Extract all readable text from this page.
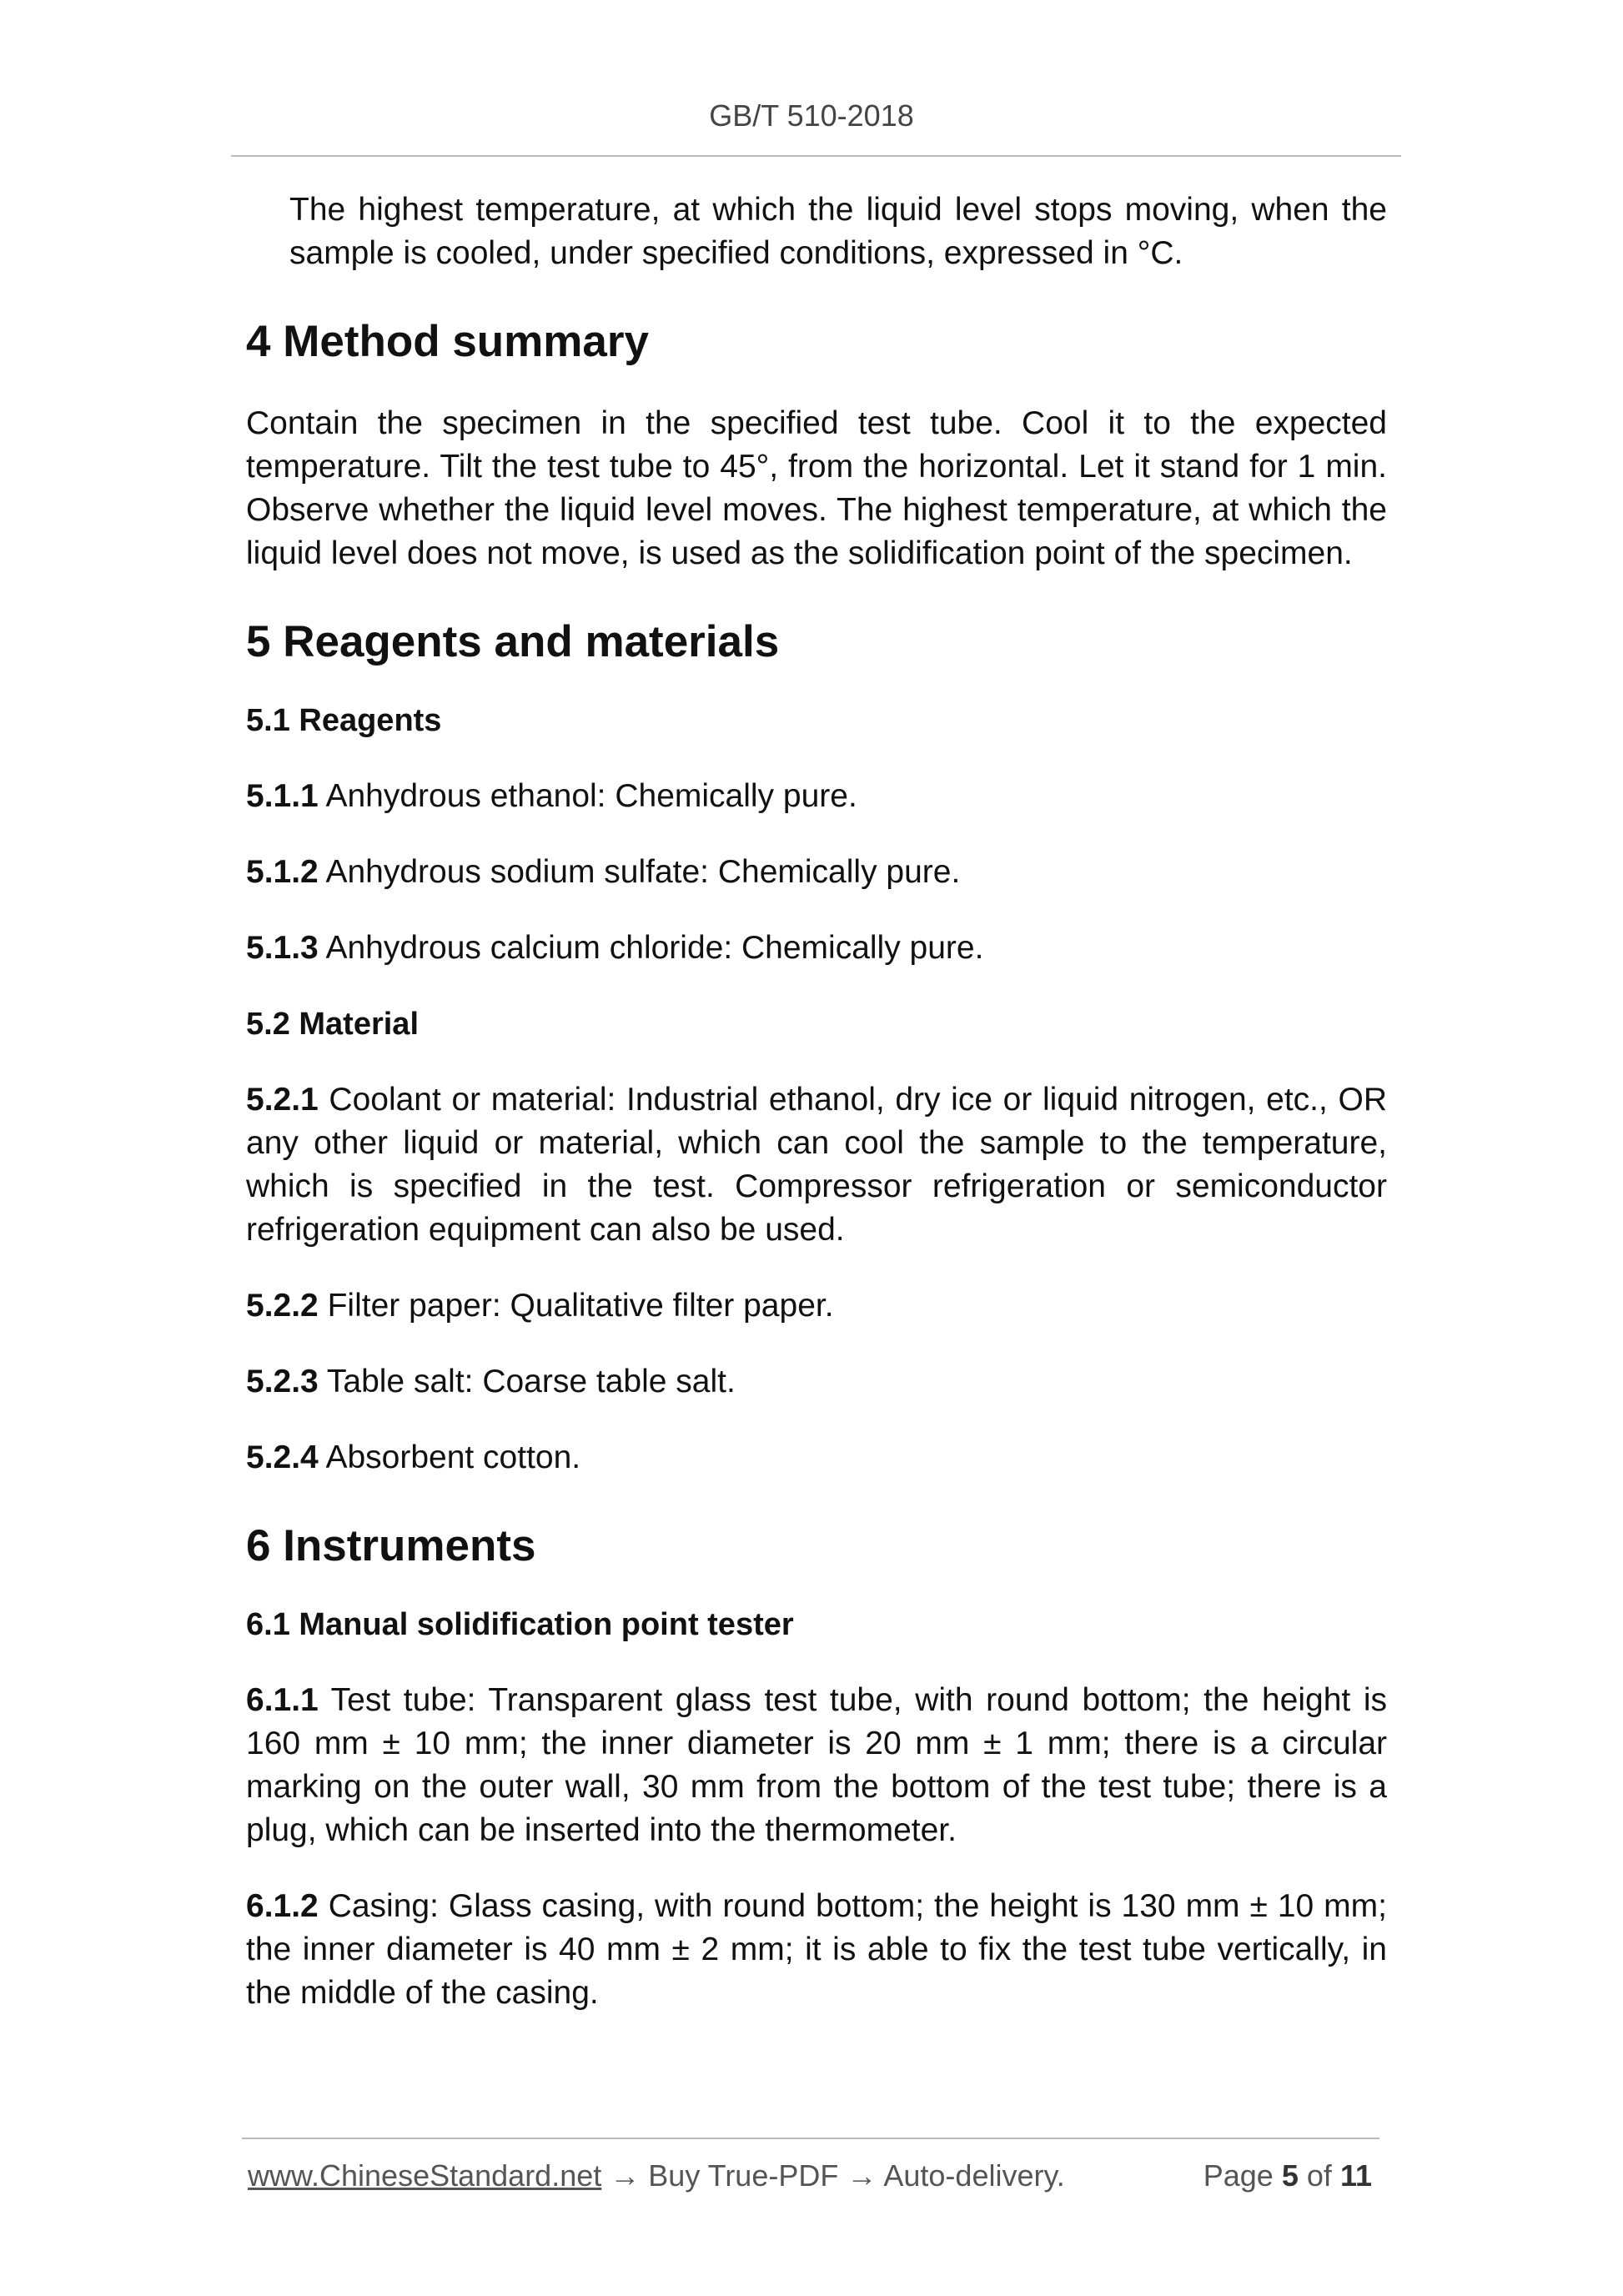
GB/T 510-2018

The highest temperature, at which the liquid level stops moving, when the sample is cooled, under specified conditions, expressed in °C.

4 Method summary

Contain the specimen in the specified test tube. Cool it to the expected temperature. Tilt the test tube to 45°, from the horizontal. Let it stand for 1 min. Observe whether the liquid level moves. The highest temperature, at which the liquid level does not move, is used as the solidification point of the specimen.

5 Reagents and materials
5.1 Reagents

5.1.1 Anhydrous ethanol: Chemically pure.

5.1.2 Anhydrous sodium sulfate: Chemically pure.

5.1.3 Anhydrous calcium chloride: Chemically pure.

5.2 Material

5.2.1 Coolant or material: Industrial ethanol, dry ice or liquid nitrogen, etc., OR any other liquid or material, which can cool the sample to the temperature, which is specified in the test. Compressor refrigeration or semiconductor refrigeration equipment can also be used.

5.2.2 Filter paper: Qualitative filter paper.

5.2.3 Table salt: Coarse table salt.

5.2.4 Absorbent cotton.

6 Instruments
6.1 Manual solidification point tester

6.1.1 Test tube: Transparent glass test tube, with round bottom; the height is 160 mm ± 10 mm; the inner diameter is 20 mm ± 1 mm; there is a circular marking on the outer wall, 30 mm from the bottom of the test tube; there is a plug, which can be inserted into the thermometer.

6.1.2 Casing: Glass casing, with round bottom; the height is 130 mm ± 10 mm; the inner diameter is 40 mm ± 2 mm; it is able to fix the test tube vertically, in the middle of the casing.

www.ChineseStandard.net → Buy True-PDF → Auto-delivery.	Page 5 of 11
